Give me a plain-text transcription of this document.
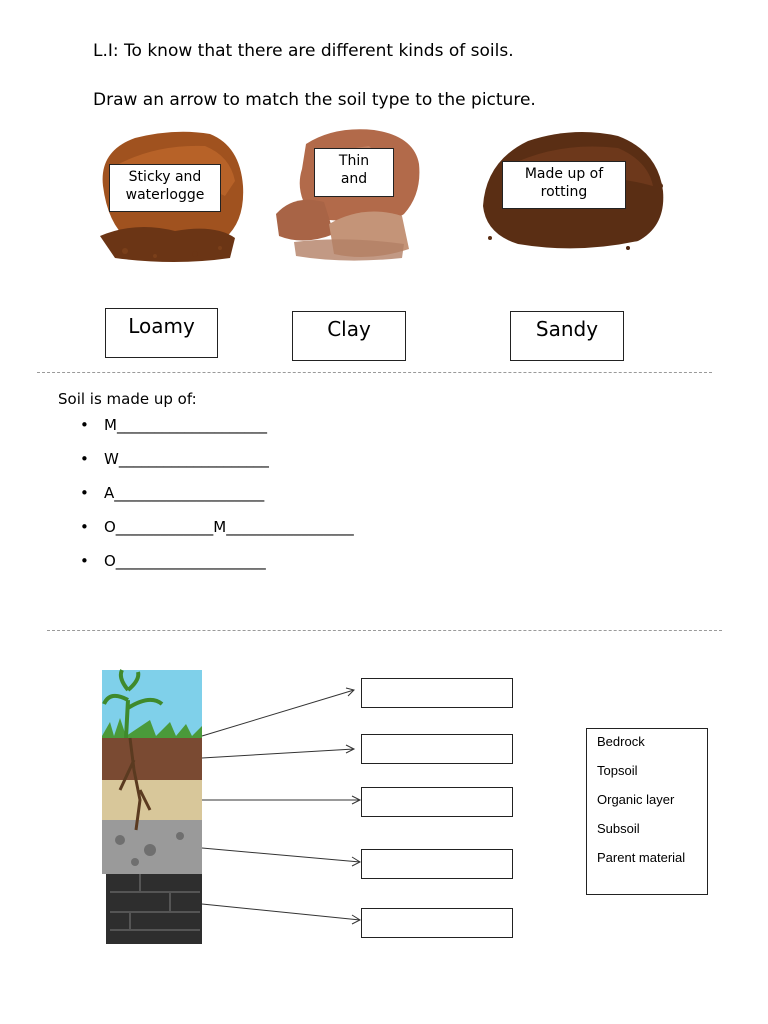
L.I: To know that there are different kinds of soils.
Draw an arrow to match the soil type to the picture.
Sticky and
waterlogge
Thin
and	Made up of
rotting
Loamy	Clay	Sandy
Soil is made up of:
• M____________________
• W____________________
• A____________________
• O_____________M_________________
• O____________________
Bedrock
Topsoil
Organic layer
Subsoil
Parent material
